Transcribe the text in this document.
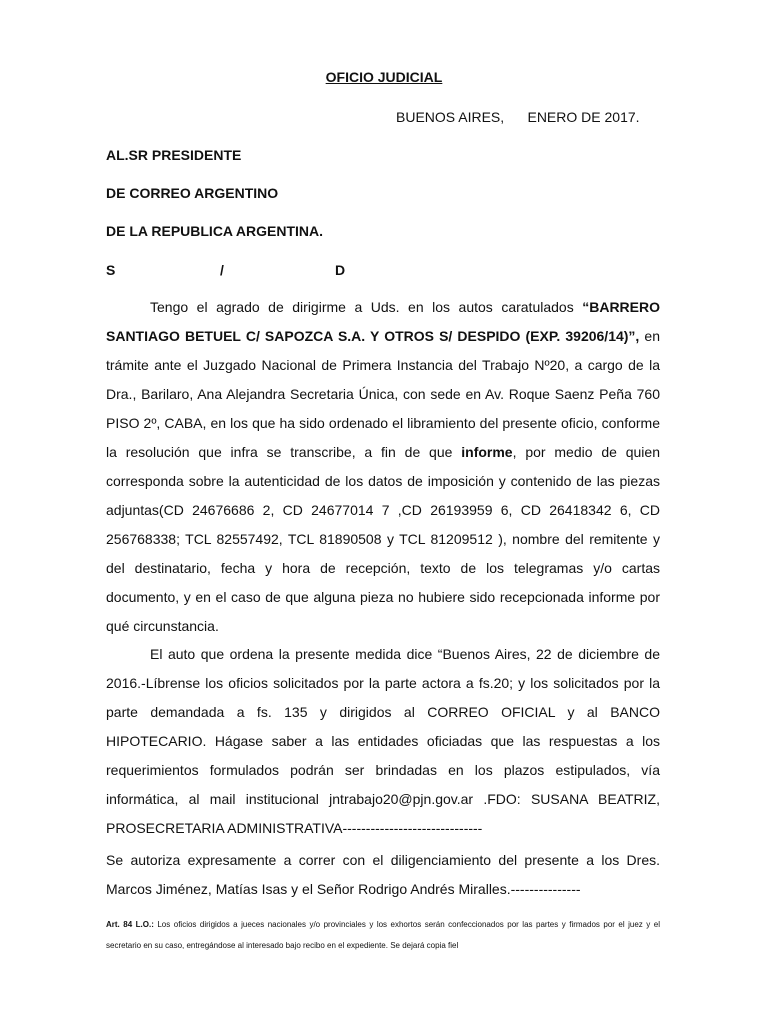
OFICIO JUDICIAL
BUENOS AIRES,      ENERO DE 2017.
AL.SR PRESIDENTE
DE CORREO ARGENTINO
DE LA REPUBLICA ARGENTINA.
S	/	D

Tengo el agrado de dirigirme a Uds. en los autos caratulados “BARRERO SANTIAGO BETUEL C/ SAPOZCA S.A. Y OTROS S/ DESPIDO (EXP. 39206/14)”, en trámite ante el Juzgado Nacional de Primera Instancia del Trabajo Nº20, a cargo de la Dra., Barilaro, Ana Alejandra Secretaria Única, con sede en Av. Roque Saenz Peña 760 PISO 2º, CABA, en los que ha sido ordenado el libramiento del presente oficio, conforme la resolución que infra se transcribe, a fin de que informe, por medio de quien corresponda sobre la autenticidad de los datos de imposición y contenido de las piezas adjuntas(CD 24676686 2, CD 24677014 7 ,CD 26193959 6, CD 26418342 6, CD 256768338; TCL 82557492, TCL 81890508 y TCL 81209512 ), nombre del remitente y del destinatario, fecha y hora de recepción, texto de los telegramas y/o cartas documento, y en el caso de que alguna pieza no hubiere sido recepcionada informe por qué circunstancia.

El auto que ordena la presente medida dice “Buenos Aires, 22 de diciembre de 2016.-Líbrense los oficios solicitados por la parte actora a fs.20; y los solicitados por la parte demandada a fs. 135 y dirigidos al CORREO OFICIAL y al BANCO HIPOTECARIO. Hágase saber a las entidades oficiadas que las respuestas a los requerimientos formulados podrán ser brindadas en los plazos estipulados, vía informática, al mail institucional jntrabajo20@pjn.gov.ar .FDO: SUSANA BEATRIZ, PROSECRETARIA ADMINISTRATIVA------------------------------

Se autoriza expresamente a correr con el diligenciamiento del presente a los Dres. Marcos Jiménez, Matías Isas y el Señor Rodrigo Andrés Miralles.---------------

Art. 84 L.O.: Los oficios dirigidos a jueces nacionales y/o provinciales y los exhortos serán confeccionados por las partes y firmados por el juez y el secretario en su caso, entregándose al interesado bajo recibo en el expediente. Se dejará copia fiel
